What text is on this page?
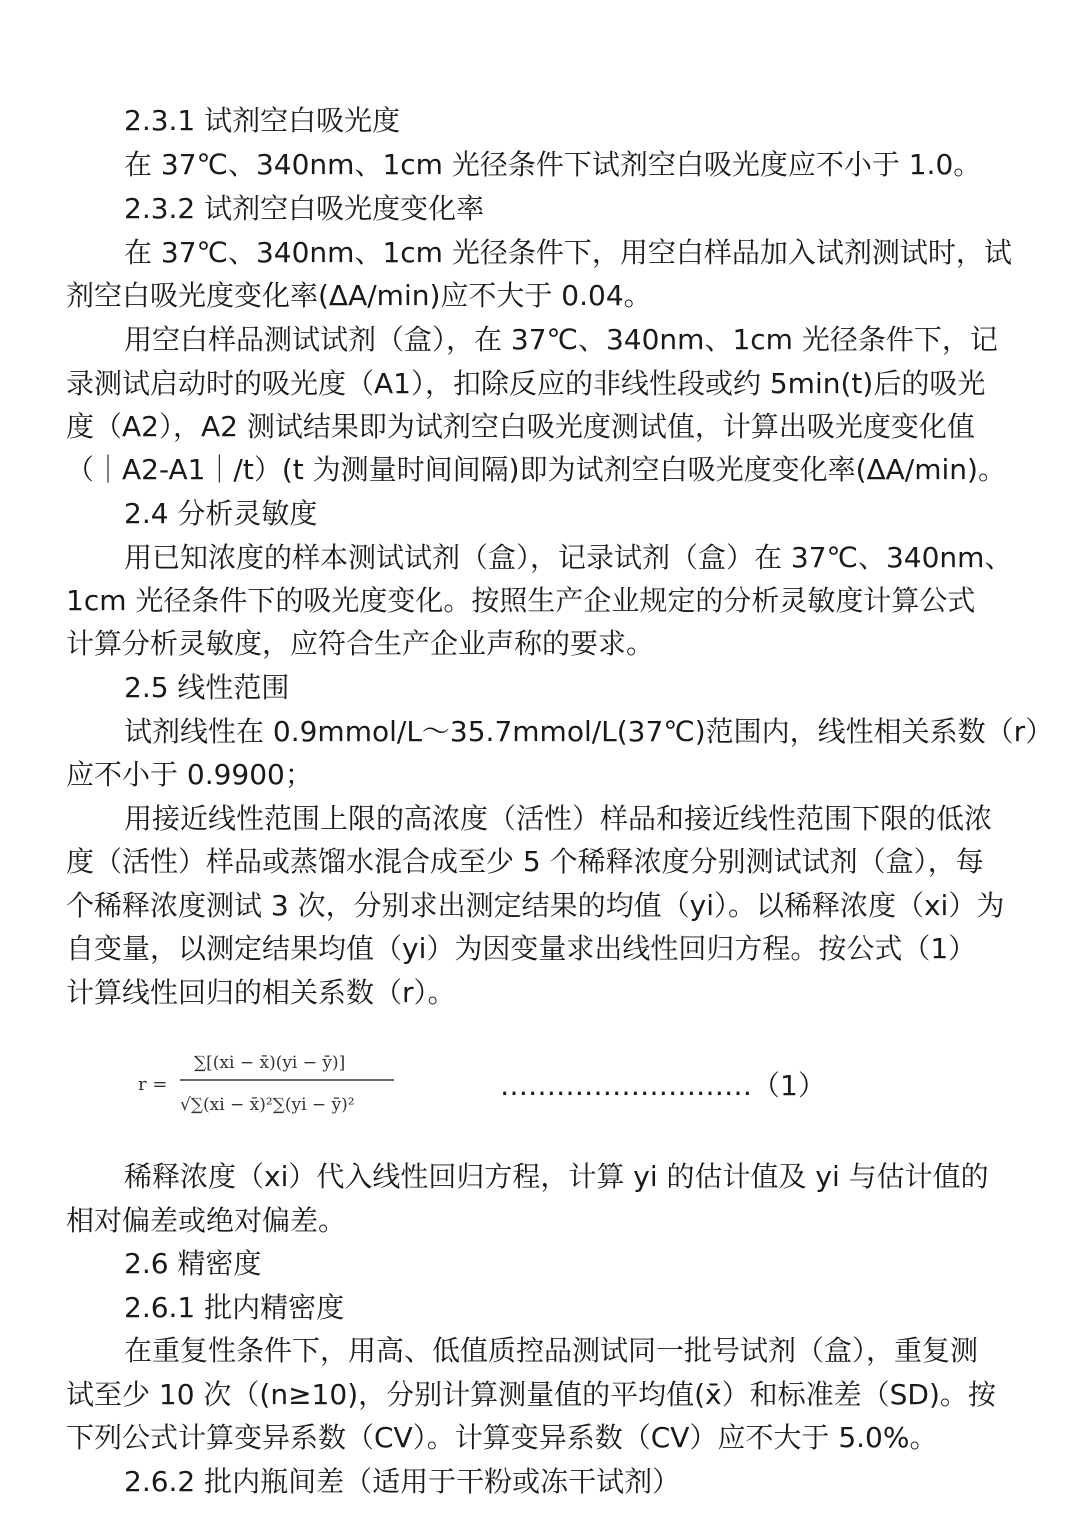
2.3.1 试剂空白吸光度
在 37℃、340nm、1cm 光径条件下试剂空白吸光度应不小于 1.0。
2.3.2 试剂空白吸光度变化率
在 37℃、340nm、1cm 光径条件下，用空白样品加入试剂测试时，试
剂空白吸光度变化率(ΔA/min)应不大于 0.04。
用空白样品测试试剂（盒），在 37℃、340nm、1cm 光径条件下，记
录测试启动时的吸光度（A1），扣除反应的非线性段或约 5min(t)后的吸光
度（A2），A2 测试结果即为试剂空白吸光度测试值，计算出吸光度变化值
（｜A2-A1｜/t）(t 为测量时间间隔)即为试剂空白吸光度变化率(ΔA/min)。
2.4 分析灵敏度
用已知浓度的样本测试试剂（盒），记录试剂（盒）在 37℃、340nm、
1cm 光径条件下的吸光度变化。按照生产企业规定的分析灵敏度计算公式
计算分析灵敏度，应符合生产企业声称的要求。
2.5 线性范围
试剂线性在 0.9mmol/L～35.7mmol/L(37℃)范围内，线性相关系数（r）
应不小于 0.9900；
用接近线性范围上限的高浓度（活性）样品和接近线性范围下限的低浓
度（活性）样品或蒸馏水混合成至少 5 个稀释浓度分别测试试剂（盒），每
个稀释浓度测试 3 次，分别求出测定结果的均值（yi）。以稀释浓度（xi）为
自变量，以测定结果均值（yi）为因变量求出线性回归方程。按公式（1）
计算线性回归的相关系数（r）。
r =
∑[(xi − x̄)(yi − ȳ)]
√∑(xi − x̄)²∑(yi − ȳ)²
………………………（1）
稀释浓度（xi）代入线性回归方程，计算 yi 的估计值及 yi 与估计值的
相对偏差或绝对偏差。
2.6 精密度
2.6.1 批内精密度
在重复性条件下，用高、低值质控品测试同一批号试剂（盒），重复测
试至少 10 次（(n≥10)，分别计算测量值的平均值(x̄）和标准差（SD)。按
下列公式计算变异系数（CV）。计算变异系数（CV）应不大于 5.0%。
2.6.2 批内瓶间差（适用于干粉或冻干试剂）
